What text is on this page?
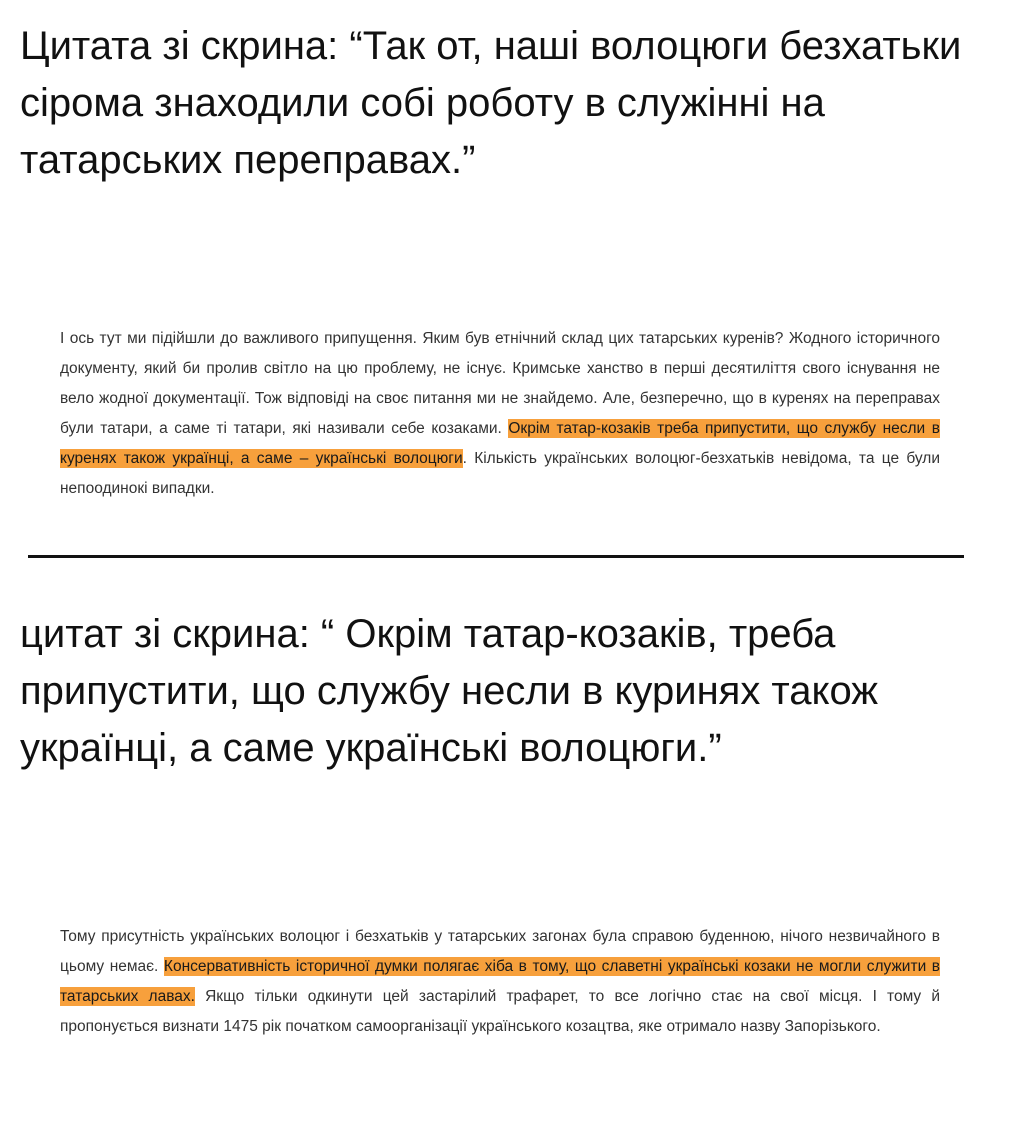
Цитата зі скрина: “Так от, наші волоцюги безхатьки сірома знаходили собі роботу в служінні на татарських переправах.”

І ось тут ми підійшли до важливого припущення. Яким був етнічний склад цих татарських куренів? Жодного історичного документу, який би пролив світло на цю проблему, не існує. Кримське ханство в перші десятиліття свого існування не вело жодної документації. Тож відповіді на своє питання ми не знайдемо. Але, безперечно, що в куренях на переправах були татари, а саме ті татари, які називали себе козаками. Окрім татар-козаків треба припустити, що службу несли в куренях також українці, а саме – українські волоцюги. Кількість українських волоцюг-безхатьків невідома, та це були непоодинокі випадки.

цитат зі скрина: “ Окрім татар-козаків, треба припустити, що службу несли в куринях також українці, а саме українські волоцюги.”

Тому присутність українських волоцюг і безхатьків у татарських загонах була справою буденною, нічого незвичайного в цьому немає. Консервативність історичної думки полягає хіба в тому, що славетні українські козаки не могли служити в татарських лавах. Якщо тільки одкинути цей застарілий трафарет, то все логічно стає на свої місця. І тому й пропонується визнати 1475 рік початком самоорганізації українського козацтва, яке отримало назву Запорізького.
